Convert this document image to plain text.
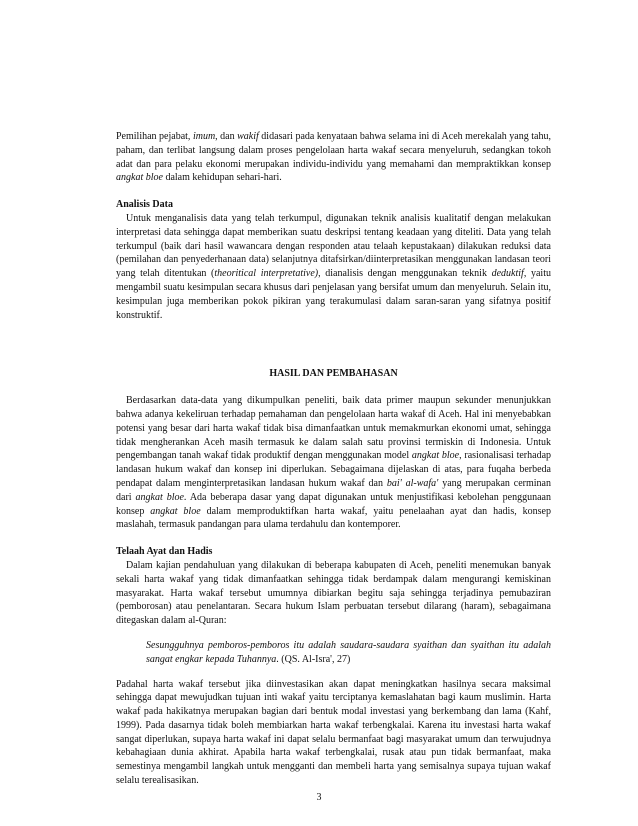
Pemilihan pejabat, imum, dan wakif didasari pada kenyataan bahwa selama ini di Aceh merekalah yang tahu, paham, dan terlibat langsung dalam proses pengelolaan harta wakaf secara menyeluruh, sedangkan tokoh adat dan para pelaku ekonomi merupakan individu-individu yang memahami dan mempraktikkan konsep angkat bloe dalam kehidupan sehari-hari.

Analisis Data

Untuk menganalisis data yang telah terkumpul, digunakan teknik analisis kualitatif dengan melakukan interpretasi data sehingga dapat memberikan suatu deskripsi tentang keadaan yang diteliti. Data yang telah terkumpul (baik dari hasil wawancara dengan responden atau telaah kepustakaan) dilakukan reduksi data (pemilahan dan penyederhanaan data) selanjutnya ditafsirkan/diinterpretasikan menggunakan landasan teori yang telah ditentukan (theoritical interpretative), dianalisis dengan menggunakan teknik deduktif, yaitu mengambil suatu kesimpulan secara khusus dari penjelasan yang bersifat umum dan menyeluruh. Selain itu, kesimpulan juga memberikan pokok pikiran yang terakumulasi dalam saran-saran yang sifatnya positif konstruktif.

HASIL DAN PEMBAHASAN

Berdasarkan data-data yang dikumpulkan peneliti, baik data primer maupun sekunder menunjukkan bahwa adanya kekeliruan terhadap pemahaman dan pengelolaan harta wakaf di Aceh. Hal ini menyebabkan potensi yang besar dari harta wakaf tidak bisa dimanfaatkan untuk memakmurkan ekonomi umat, sehingga tidak mengherankan Aceh masih termasuk ke dalam salah satu provinsi termiskin di Indonesia. Untuk pengembangan tanah wakaf tidak produktif dengan menggunakan model angkat bloe, rasionalisasi terhadap landasan hukum wakaf dan konsep ini diperlukan. Sebagaimana dijelaskan di atas, para fuqaha berbeda pendapat dalam menginterpretasikan landasan hukum wakaf dan bai' al-wafa' yang merupakan cerminan dari angkat bloe. Ada beberapa dasar yang dapat digunakan untuk menjustifikasi kebolehan penggunaan konsep angkat bloe dalam memproduktifkan harta wakaf, yaitu penelaahan ayat dan hadis, konsep maslahah, termasuk pandangan para ulama terdahulu dan kontemporer.

Telaah Ayat dan Hadis

Dalam kajian pendahuluan yang dilakukan di beberapa kabupaten di Aceh, peneliti menemukan banyak sekali harta wakaf yang tidak dimanfaatkan sehingga tidak berdampak dalam mengurangi kemiskinan masyarakat. Harta wakaf tersebut umumnya dibiarkan begitu saja sehingga terjadinya pemubaziran (pemborosan) atau penelantaran. Secara hukum Islam perbuatan tersebut dilarang (haram), sebagaimana ditegaskan dalam al-Quran:

Sesungguhnya pemboros-pemboros itu adalah saudara-saudara syaithan dan syaithan itu adalah sangat engkar kepada Tuhannya. (QS. Al-Isra', 27)

Padahal harta wakaf tersebut jika diinvestasikan akan dapat meningkatkan hasilnya secara maksimal sehingga dapat mewujudkan tujuan inti wakaf yaitu terciptanya kemaslahatan bagi kaum muslimin. Harta wakaf pada hakikatnya merupakan bagian dari bentuk modal investasi yang berkembang dan lama (Kahf, 1999). Pada dasarnya tidak boleh membiarkan harta wakaf terbengkalai. Karena itu investasi harta wakaf sangat diperlukan, supaya harta wakaf ini dapat selalu bermanfaat bagi masyarakat umum dan terwujudnya kebahagiaan dunia akhirat. Apabila harta wakaf terbengkalai, rusak atau pun tidak bermanfaat, maka semestinya mengambil langkah untuk mengganti dan membeli harta yang semisalnya supaya tujuan wakaf selalu terealisasikan.

3
